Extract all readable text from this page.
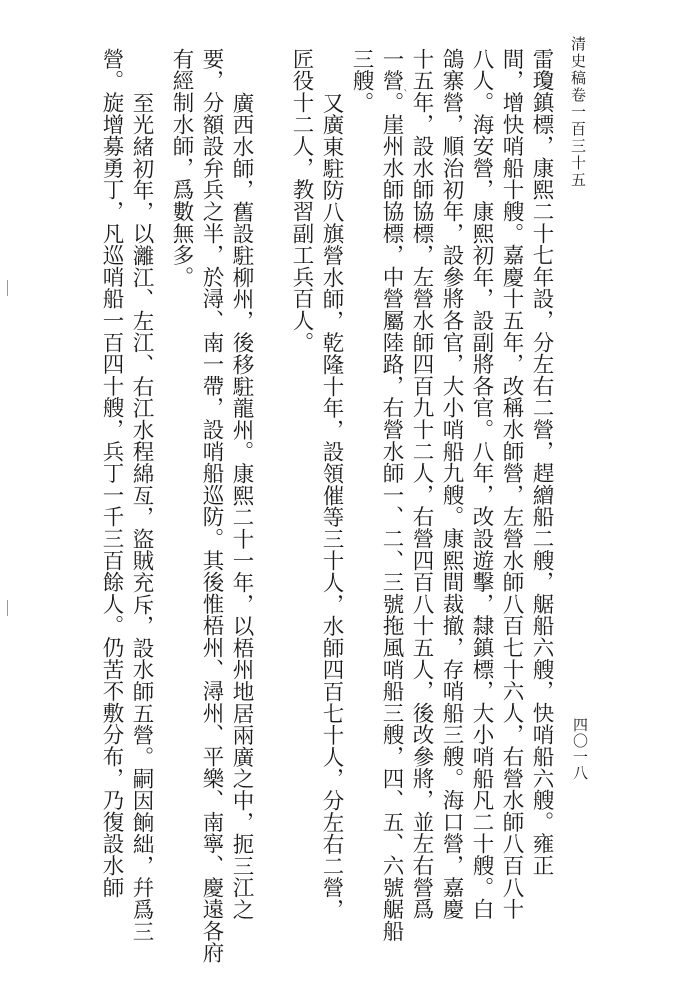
清史稿卷一百三十五
四〇一八
雷瓊鎮標，康熙二十七年設，分左右二營，趕繒船二艘，艍船六艘，快哨船六艘。雍正
間，增快哨船十艘。嘉慶十五年，改稱水師營，左營水師八百七十六人，右營水師八百八十
八人。海安營，康熙初年，設副將各官。八年，改設遊擊，隸鎮標，大小哨船凡二十艘。白
鴿寨營，順治初年，設參將各官，大小哨船九艘。康熙間裁撤，存哨船三艘。海口營，嘉慶
十五年，設水師協標，左營水師四百九十二人，右營四百八十五人，後改參將，並左右營爲
一營。崖州水師協標，中營屬陸路，右營水師一、二、三號拖風哨船三艘，四、五、六號艍船
三艘。
又廣東駐防八旗營水師，乾隆十年，設領催等三十人，水師四百七十人，分左右二營，
匠役十二人，教習副工兵百人。
廣西水師，舊設駐柳州，後移駐龍州。康熙二十一年，以梧州地居兩廣之中，扼三江之
要，分額設弁兵之半，於潯、南一帶，設哨船巡防。其後惟梧州、潯州、平樂、南寧、慶遠各府
有經制水師，爲數無多。
至光緒初年，以灕江、左江、右江水程綿亙，盜賊充斥，設水師五營。嗣因餉絀，幷爲三
營。旋增募勇丁，凡巡哨船一百四十艘，兵丁一千三百餘人。仍苦不敷分布，乃復設水師	`
